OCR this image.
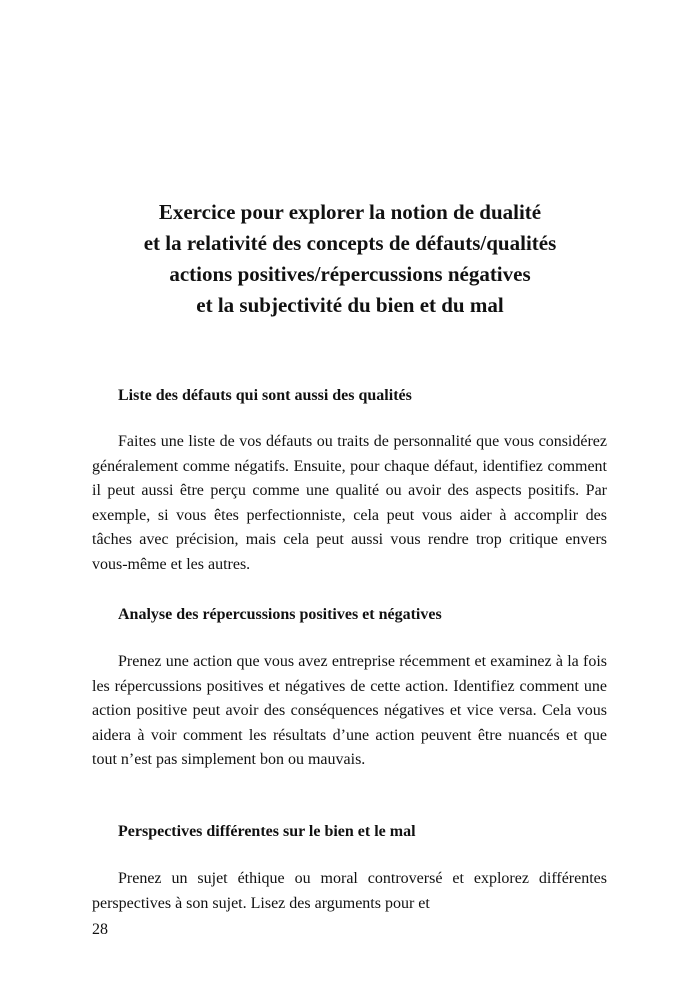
Exercice pour explorer la notion de dualité
et la relativité des concepts de défauts/qualités
actions positives/répercussions négatives
et la subjectivité du bien et du mal

Liste des défauts qui sont aussi des qualités

Faites une liste de vos défauts ou traits de personnalité que vous considérez généralement comme négatifs. Ensuite, pour chaque défaut, identifiez comment il peut aussi être perçu comme une qualité ou avoir des aspects positifs. Par exemple, si vous êtes perfectionniste, cela peut vous aider à accomplir des tâches avec précision, mais cela peut aussi vous rendre trop critique envers vous-même et les autres.

Analyse des répercussions positives et négatives

Prenez une action que vous avez entreprise récemment et examinez à la fois les répercussions positives et négatives de cette action. Identifiez comment une action positive peut avoir des conséquences négatives et vice versa. Cela vous aidera à voir comment les résultats d’une action peuvent être nuancés et que tout n’est pas simplement bon ou mauvais.

Perspectives différentes sur le bien et le mal

Prenez un sujet éthique ou moral controversé et explorez différentes perspectives à son sujet. Lisez des arguments pour et

28
